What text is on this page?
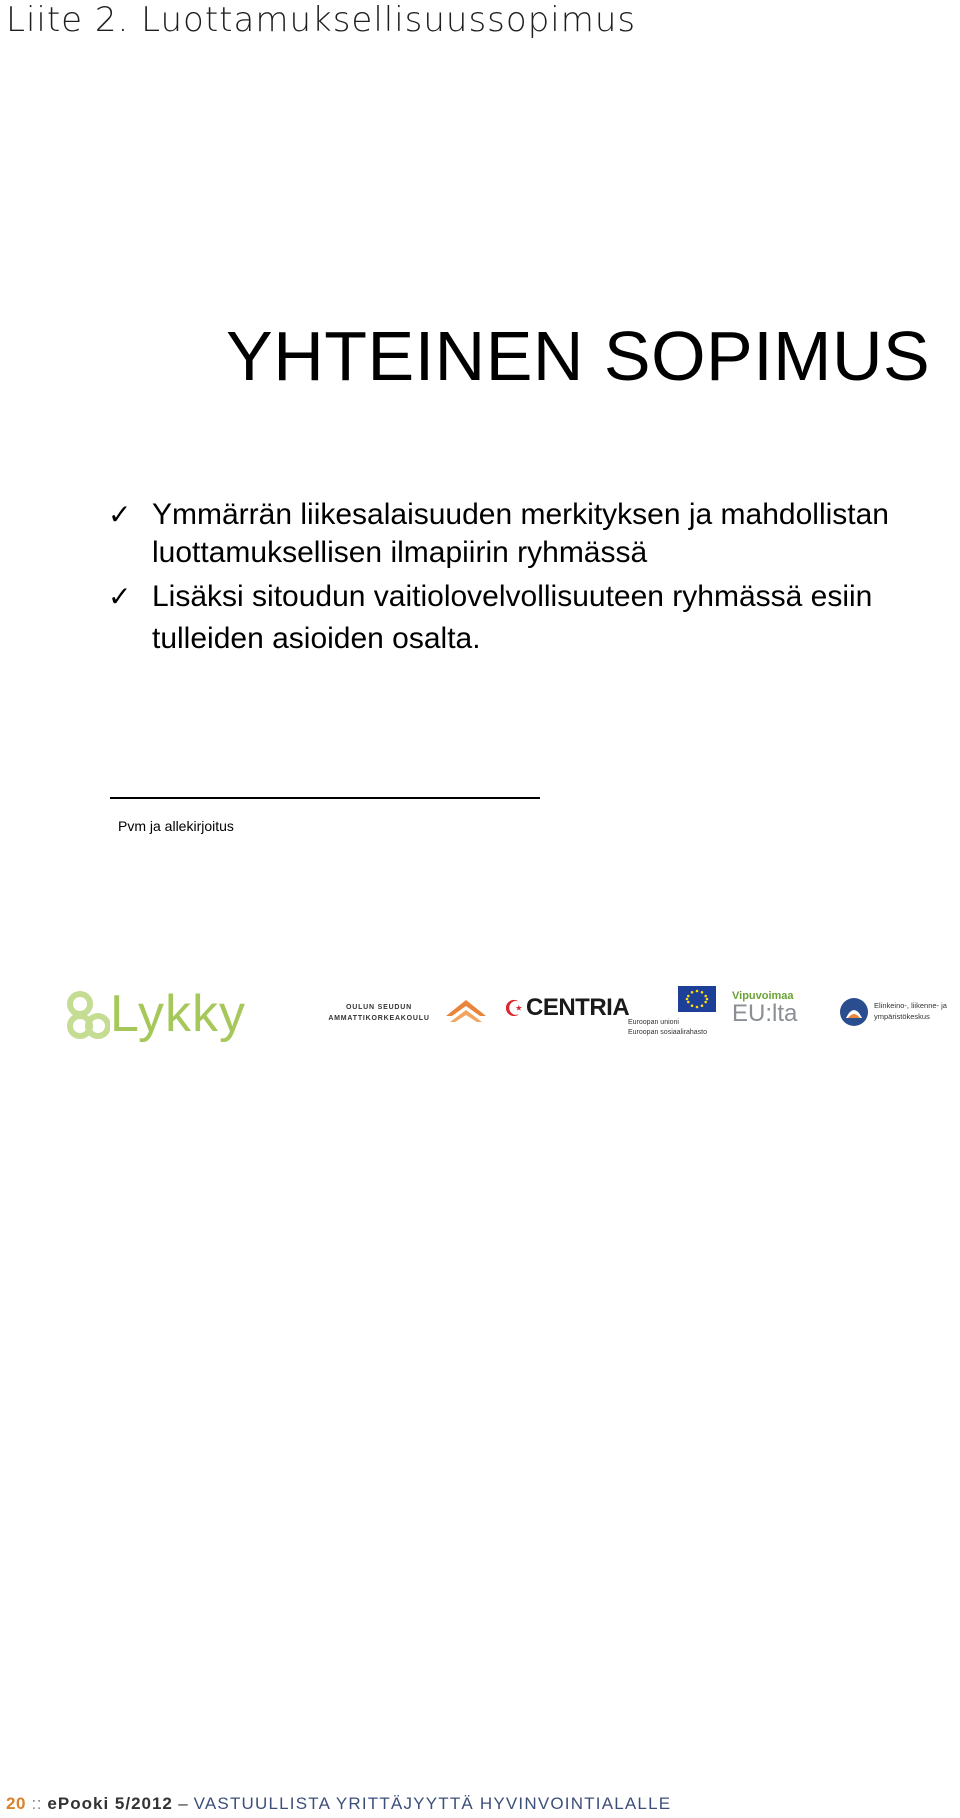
Liite 2. Luottamuksellisuussopimus
YHTEINEN SOPIMUS
✓ Ymmärrän liikesalaisuuden merkityksen ja mahdollistan luottamuksellisen ilmapiirin ryhmässä
✓ Lisäksi sitoudun vaitiolovelvollisuuteen ryhmässä esiin tulleiden asioiden osalta.
Pvm ja allekirjoitus
Lykky	OULUN SEUDUN
AMMATTIKORKEAKOULU	☪ CENTRIA
Euroopan unioni
Euroopan sosiaalirahasto
Vipuvoimaa
EU:lta	Elinkeino-, liikenne- ja
ympäristökeskus
20 :: ePooki 5/2012 – VASTUULLISTA YRITTÄJYYTTÄ HYVINVOINTIALALLE
